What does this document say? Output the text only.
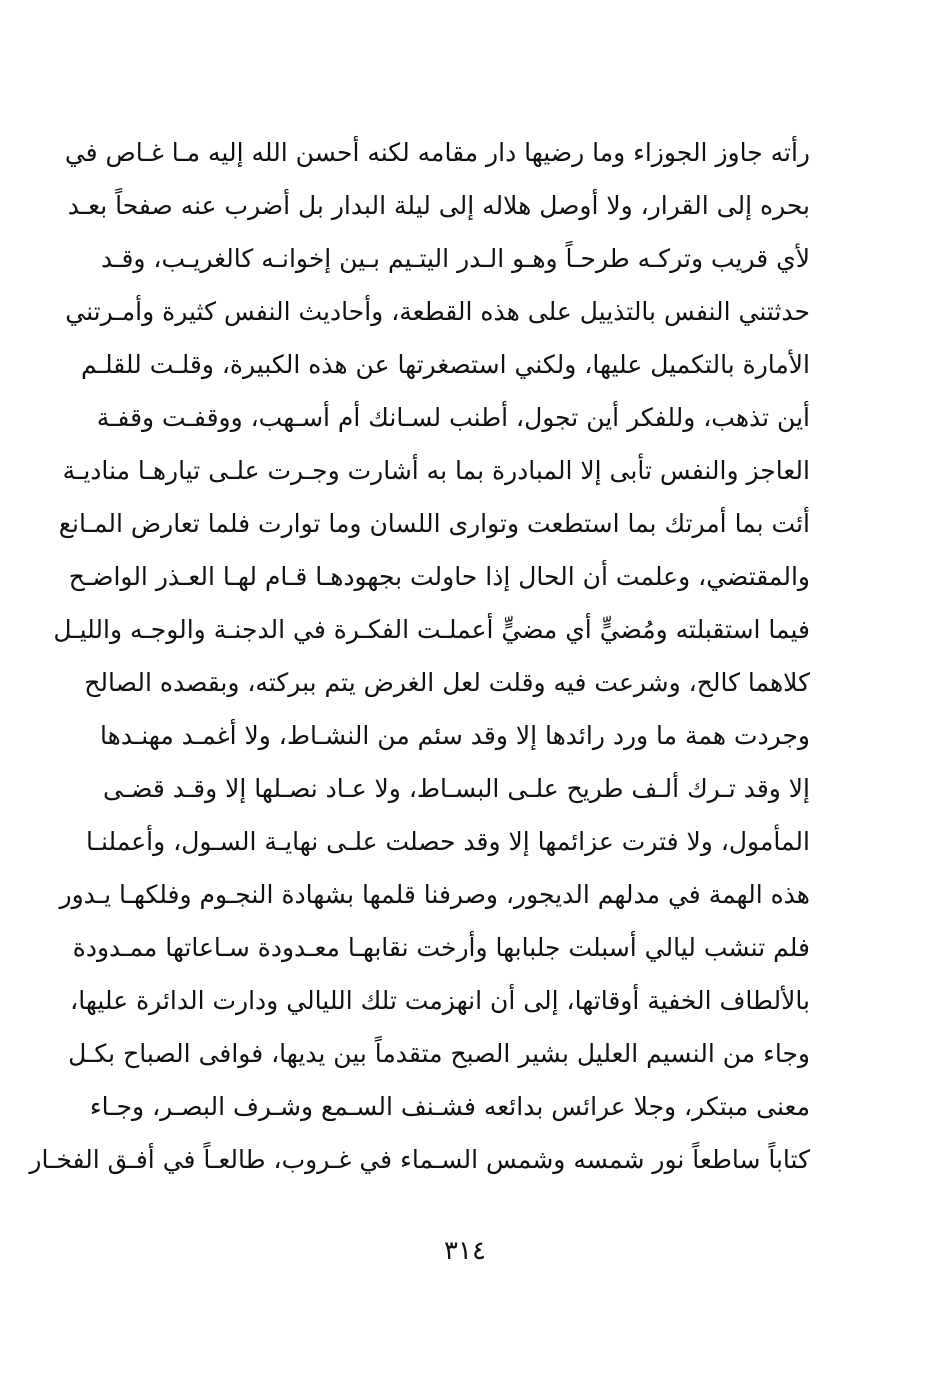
رأته جاوز الجوزاء وما رضيها دار مقامه لكنه أحسن الله إليه مـا غـاص في
بحره إلى القرار، ولا أوصل هلاله إلى ليلة البدار بل أضرب عنه صفحاً بعـد
لأي قريب وتركـه طرحـاً وهـو الـدر اليتـيم بـين إخوانـه كالغريـب، وقـد
حدثتني النفس بالتذييل على هذه القطعة، وأحاديث النفس كثيرة وأمـرتني
الأمارة بالتكميل عليها، ولكني استصغرتها عن هذه الكبيرة، وقلـت للقلـم
أين تذهب، وللفكر أين تجول، أطنب لسـانك أم أسـهب، ووقفـت وقفـة
العاجز والنفس تأبى إلا المبادرة بما به أشارت وجـرت علـى تيارهـا مناديـة
أئت بما أمرتك بما استطعت وتوارى اللسان وما توارت فلما تعارض المـانع
والمقتضي، وعلمت أن الحال إذا حاولت بجهودهـا قـام لهـا العـذر الواضـح
فيما استقبلته ومُضيٍّ أي مضيٍّ أعملـت الفكـرة في الدجنـة والوجـه والليـل
كلاهما كالح، وشرعت فيه وقلت لعل الغرض يتم ببركته، وبقصده الصالح
وجردت همة ما ورد رائدها إلا وقد سئم من النشـاط، ولا أغمـد مهنـدها
إلا وقد تـرك ألـف طريح علـى البسـاط، ولا عـاد نصـلها إلا وقـد قضـى
المأمول، ولا فترت عزائمها إلا وقد حصلت علـى نهايـة السـول، وأعملنـا
هذه الهمة في مدلهم الديجور، وصرفنا قلمها بشهادة النجـوم وفلكهـا يـدور
فلم تنشب ليالي أسبلت جلبابها وأرخت نقابهـا معـدودة سـاعاتها ممـدودة
بالألطاف الخفية أوقاتها، إلى أن انهزمت تلك الليالي ودارت الدائرة عليها،
وجاء من النسيم العليل بشير الصبح متقدماً بين يديها، فوافى الصباح بكـل
معنى مبتكر، وجلا عرائس بدائعه فشـنف السـمع وشـرف البصـر، وجـاء
كتاباً ساطعاً نور شمسه وشمس السـماء في غـروب، طالعـاً في أفـق الفخـار
٣١٤
